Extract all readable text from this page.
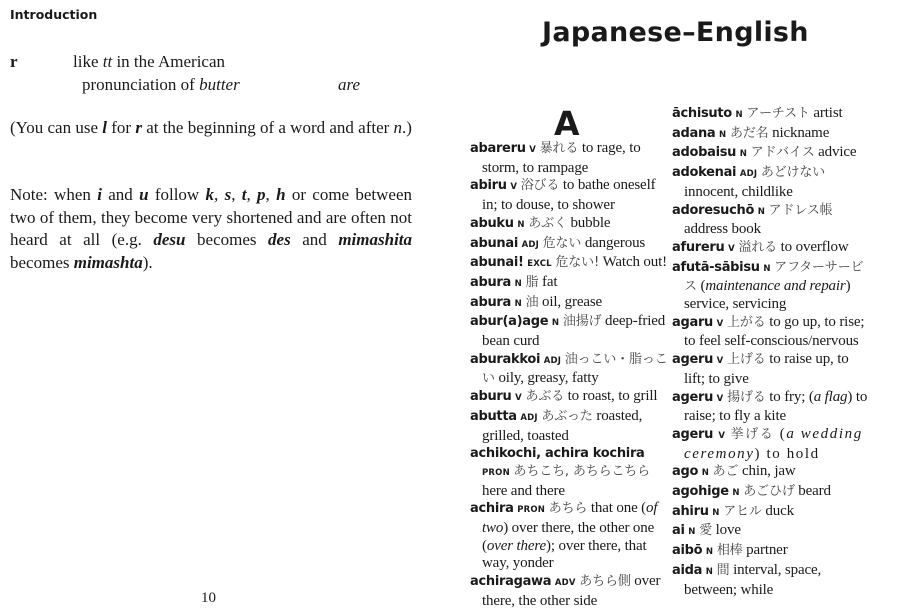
Introduction
r	like tt in the American
pronunciation of butter	are
(You can use l for r at the beginning of a word and after n.)
Note: when i and u follow k, s, t, p, h or come between two of them, they become very shortened and are often not heard at all (e.g. desu becomes des and mimashita becomes mimashta).
10
Japanese–English
A
abareru V 暴れる to rage, to storm, to rampage
abiru V 浴びる to bathe oneself in; to douse, to shower
abuku N あぶく bubble
abunai ADJ 危ない dangerous
abunai! EXCL 危ない! Watch out!
abura N 脂 fat
abura N 油 oil, grease
abur(a)age N 油揚げ deep-fried bean curd
aburakkoi ADJ 油っこい・脂っこい oily, greasy, fatty
aburu V あぶる to roast, to grill
abutta ADJ あぶった roasted, grilled, toasted
achikochi, achira kochira PRON あちこち, あちらこちら here and there
achira PRON あちら that one (of two) over there, the other one (over there); over there, that way, yonder
achiragawa ADV あちら側 over there, the other side
āchisuto N アーチスト artist
adana N あだ名 nickname
adobaisu N アドバイス advice
adokenai ADJ あどけない innocent, childlike
adoresuchō N アドレス帳 address book
afureru V 溢れる to overflow
afutā-sābisu N アフターサービス (maintenance and repair) service, servicing
agaru V 上がる to go up, to rise; to feel self-conscious/nervous
ageru V 上げる to raise up, to lift; to give
ageru V 揚げる to fry; (a flag) to raise; to fly a kite
ageru V 挙げる (a wedding ceremony) to hold
ago N あご chin, jaw
agohige N あごひげ beard
ahiru N アヒル duck
ai N 愛 love
aibō N 相棒 partner
aida N 間 interval, space, between; while
